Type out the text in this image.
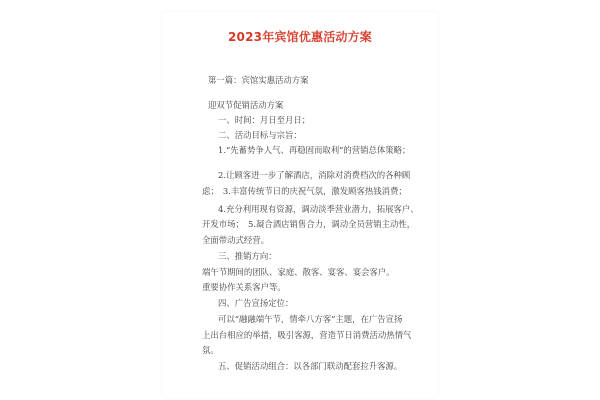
2023年宾馆优惠活动方案
第一篇：宾馆实惠活动方案
迎双节促销活动方案
一、时间：月日至月日；
二、活动目标与宗旨：
1.“先蓄势争人气、再稳固而取利”的营销总体策略；
2.让顾客进一步了解酒店，消除对消费档次的各种顾
虑；　3.丰富传统节日的庆祝气氛，激发顾客热钱消费；
4.充分利用现有资源，调动淡季营业潜力，拓展客户、
开发市场；　5.凝合酒店销售合力，调动全员营销主动性，
全面带动式经营。
三、推销方向：
端午节期间的团队、家庭、散客、宴客、宴会客户。
重要协作关系客户等。
四、广告宣扬定位：
可以“融融端午节，情牵八方客”主题，在广告宣扬
上出台相应的举措，吸引客源，营造节日消费活动热情气
氛。
五、促销活动组合：以各部门联动配套拉升客源。
